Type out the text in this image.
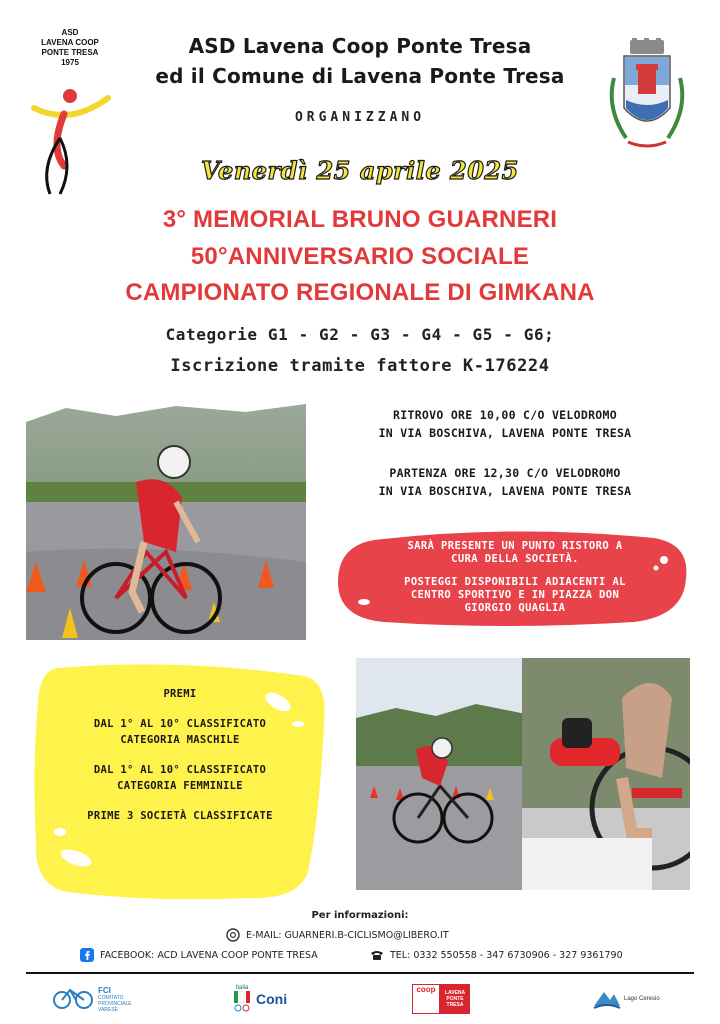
ASD
LAVENA COOP
PONTE TRESA
1975
ASD Lavena Coop Ponte Tresa
ed il Comune di Lavena Ponte Tresa
ORGANIZZANO
Venerdì 25 aprile 2025
3° MEMORIAL BRUNO GUARNERI
50°ANNIVERSARIO SOCIALE
CAMPIONATO REGIONALE DI GIMKANA
Categorie G1 - G2 - G3 - G4 - G5 - G6;
Iscrizione tramite fattore K-176224
RITROVO ORE 10,00 C/O VELODROMO
IN VIA BOSCHIVA, LAVENA PONTE TRESA
PARTENZA ORE 12,30 C/O VELODROMO
IN VIA BOSCHIVA, LAVENA PONTE TRESA
SARÀ PRESENTE UN PUNTO RISTORO A
CURA DELLA SOCIETÀ.
POSTEGGI DISPONIBILI ADIACENTI AL
CENTRO SPORTIVO E IN PIAZZA DON
GIORGIO QUAGLIA
PREMI
DAL 1° AL 10° CLASSIFICATO
CATEGORIA MASCHILE
DAL 1° AL 10° CLASSIFICATO
CATEGORIA FEMMINILE
PRIME 3 SOCIETÀ CLASSIFICATE
Per informazioni:
E-MAIL: GUARNERI.B-CICLISMO@LIBERO.IT
FACEBOOK: ACD LAVENA COOP PONTE TRESA	TEL: 0332 550558 - 347 6730906 - 327 9361790
FCI
COMITATO PROVINCIALE VARESE
Italia
Coni
coop	LAVENA PONTE TRESA
Lago Ceresio
